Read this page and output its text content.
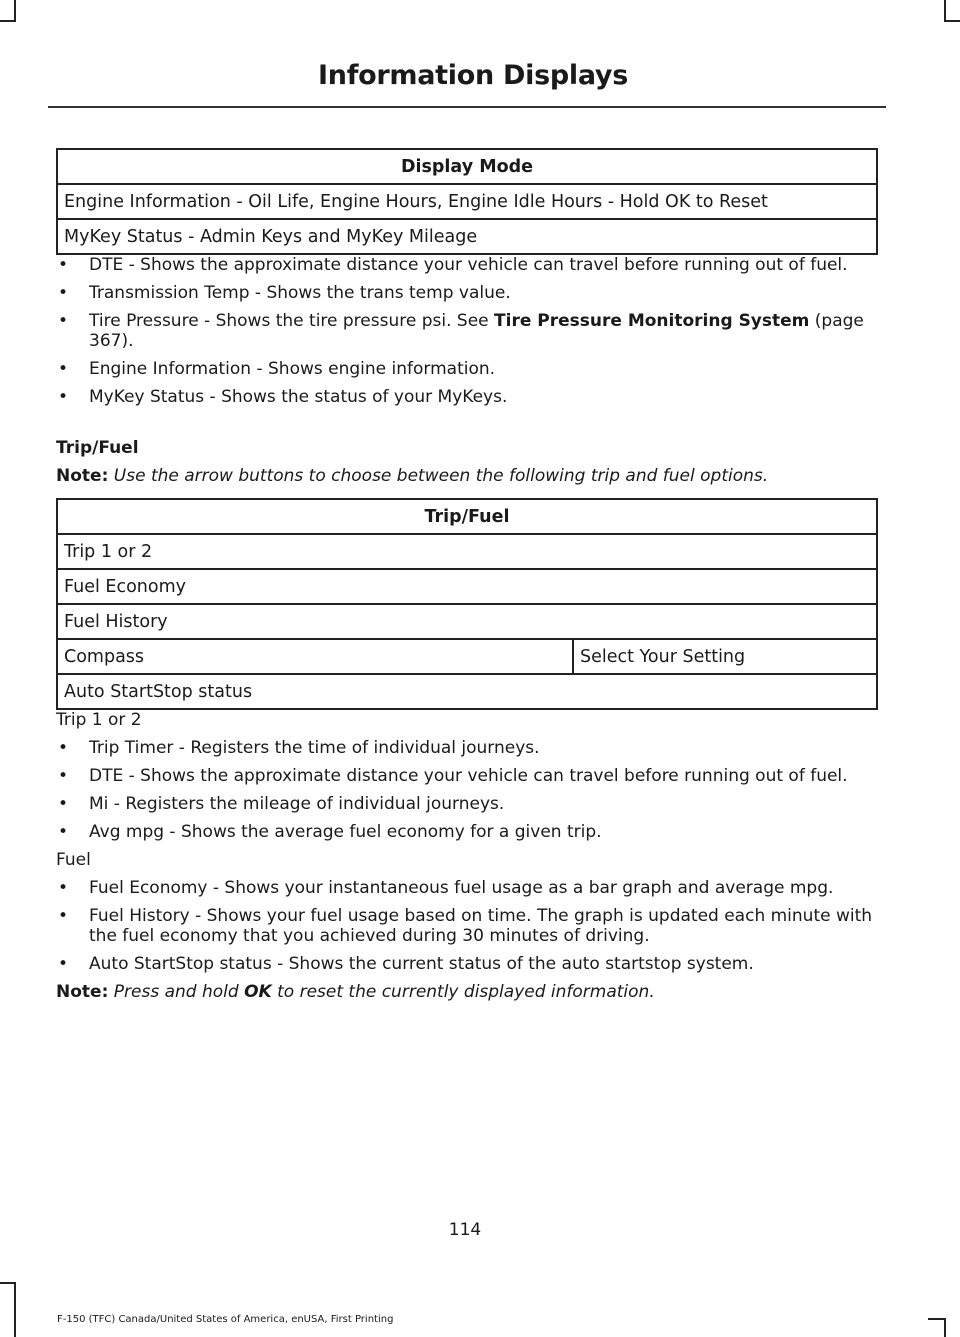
Information Displays
Display Mode
Engine Information - Oil Life, Engine Hours, Engine Idle Hours - Hold OK to Reset
MyKey Status - Admin Keys and MyKey Mileage
• DTE - Shows the approximate distance your vehicle can travel before running out of fuel.
• Transmission Temp - Shows the trans temp value.
• Tire Pressure - Shows the tire pressure psi. See Tire Pressure Monitoring System (page 367).
• Engine Information - Shows engine information.
• MyKey Status - Shows the status of your MyKeys.
Trip/Fuel
Note: Use the arrow buttons to choose between the following trip and fuel options.
Trip/Fuel
Trip 1 or 2
Fuel Economy
Fuel History
Compass	Select Your Setting
Auto StartStop status

Trip 1 or 2

• Trip Timer - Registers the time of individual journeys.
• DTE - Shows the approximate distance your vehicle can travel before running out of fuel.
• Mi - Registers the mileage of individual journeys.
• Avg mpg - Shows the average fuel economy for a given trip.

Fuel

• Fuel Economy - Shows your instantaneous fuel usage as a bar graph and average mpg.
• Fuel History - Shows your fuel usage based on time. The graph is updated each minute with the fuel economy that you achieved during 30 minutes of driving.
• Auto StartStop status - Shows the current status of the auto startstop system.
Note: Press and hold OK to reset the currently displayed information.
114
F-150 (TFC) Canada/United States of America, enUSA, First Printing
